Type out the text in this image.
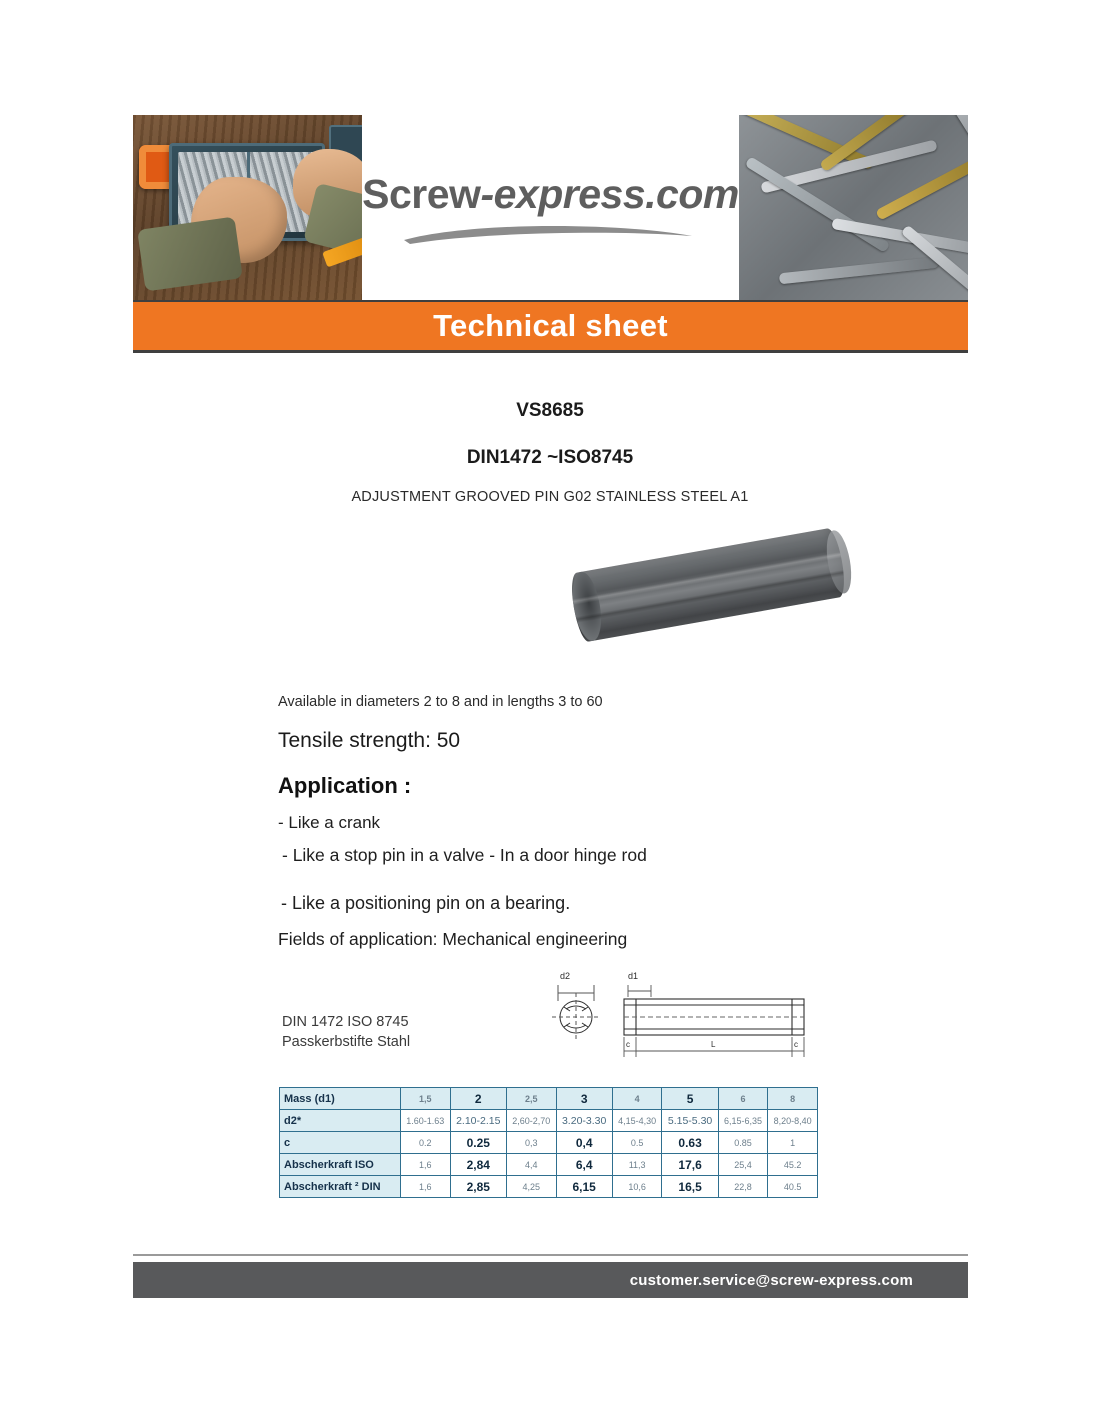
Screw-express.com
Technical sheet
VS8685
DIN1472 ~ISO8745
ADJUSTMENT GROOVED PIN G02 STAINLESS STEEL A1
Available in diameters 2 to 8 and in lengths 3 to 60
Tensile strength: 50
Application :
- Like a crank
- Like a stop pin in a valve - In a door hinge rod
- Like a positioning pin on a bearing.
Fields of application: Mechanical engineering
DIN 1472 ISO 8745
Passkerbstifte Stahl
d2	d1
c	L	c
Mass (d1)	1,5	2	2,5	3	4	5	6	8
d2*	1.60-1.63	2.10-2.15	2,60-2,70	3.20-3.30	4,15-4,30	5.15-5.30	6,15-6,35	8,20-8,40
c	0.2	0.25	0,3	0,4	0.5	0.63	0.85	1
Abscherkraft ISO	1,6	2,84	4,4	6,4	11,3	17,6	25,4	45.2
Abscherkraft ² DIN	1,6	2,85	4,25	6,15	10,6	16,5	22,8	40.5
customer.service@screw-express.com
